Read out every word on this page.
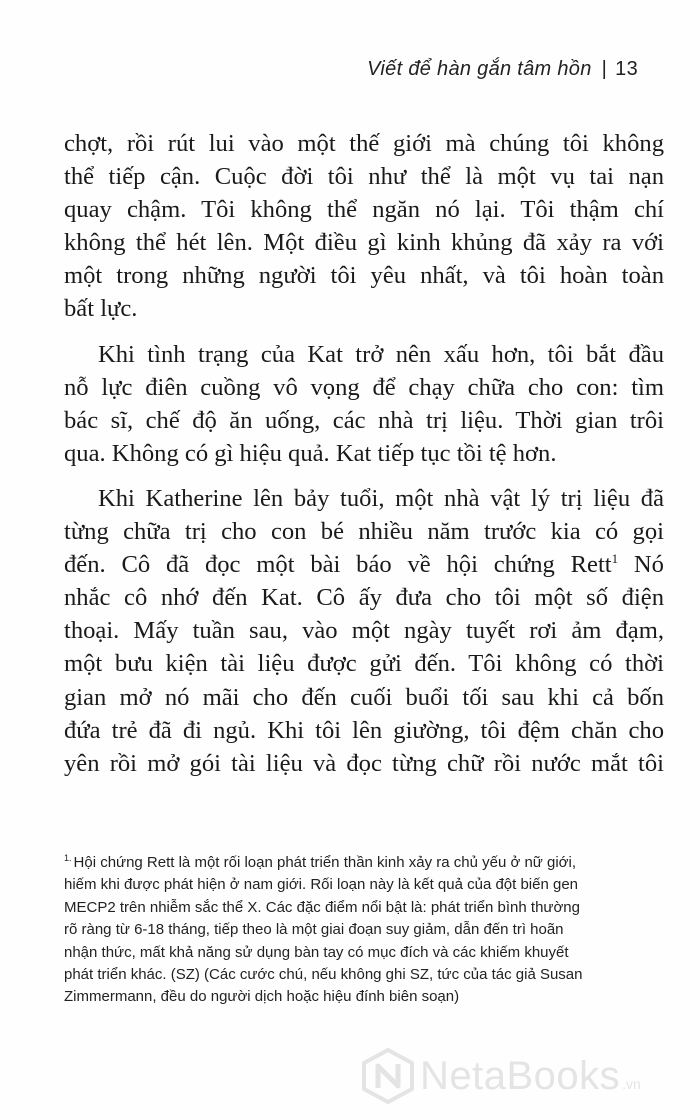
Viết để hàn gắn tâm hồn | 13
chợt, rồi rút lui vào một thế giới mà chúng tôi không
thể tiếp cận. Cuộc đời tôi như thể là một vụ tai nạn
quay chậm. Tôi không thể ngăn nó lại. Tôi thậm chí
không thể hét lên. Một điều gì kinh khủng đã xảy ra với
một trong những người tôi yêu nhất, và tôi hoàn toàn
bất lực.
Khi tình trạng của Kat trở nên xấu hơn, tôi bắt đầu
nỗ lực điên cuồng vô vọng để chạy chữa cho con: tìm
bác sĩ, chế độ ăn uống, các nhà trị liệu. Thời gian trôi
qua. Không có gì hiệu quả. Kat tiếp tục tồi tệ hơn.
Khi Katherine lên bảy tuổi, một nhà vật lý trị liệu đã
từng chữa trị cho con bé nhiều năm trước kia có gọi
đến. Cô đã đọc một bài báo về hội chứng Rett$^1$ Nó
nhắc cô nhớ đến Kat. Cô ấy đưa cho tôi một số điện
thoại. Mấy tuần sau, vào một ngày tuyết rơi ảm đạm,
một bưu kiện tài liệu được gửi đến. Tôi không có thời
gian mở nó mãi cho đến cuối buổi tối sau khi cả bốn
đứa trẻ đã đi ngủ. Khi tôi lên giường, tôi đệm chăn cho
yên rồi mở gói tài liệu và đọc từng chữ rồi nước mắt tôi
$^{1.}$ Hội chứng Rett là một rối loạn phát triển thần kinh xảy ra chủ yếu ở nữ giới,
hiếm khi được phát hiện ở nam giới. Rối loạn này là kết quả của đột biến gen
MECP2 trên nhiễm sắc thể X. Các đặc điểm nổi bật là: phát triển bình thường
rõ ràng từ 6-18 tháng, tiếp theo là một giai đoạn suy giảm, dẫn đến trì hoãn
nhận thức, mất khả năng sử dụng bàn tay có mục đích và các khiếm khuyết
phát triển khác. (SZ) (Các cước chú, nếu không ghi SZ, tức của tác giả Susan
Zimmermann, đều do người dịch hoặc hiệu đính biên soạn)
NetaBooks .vn
